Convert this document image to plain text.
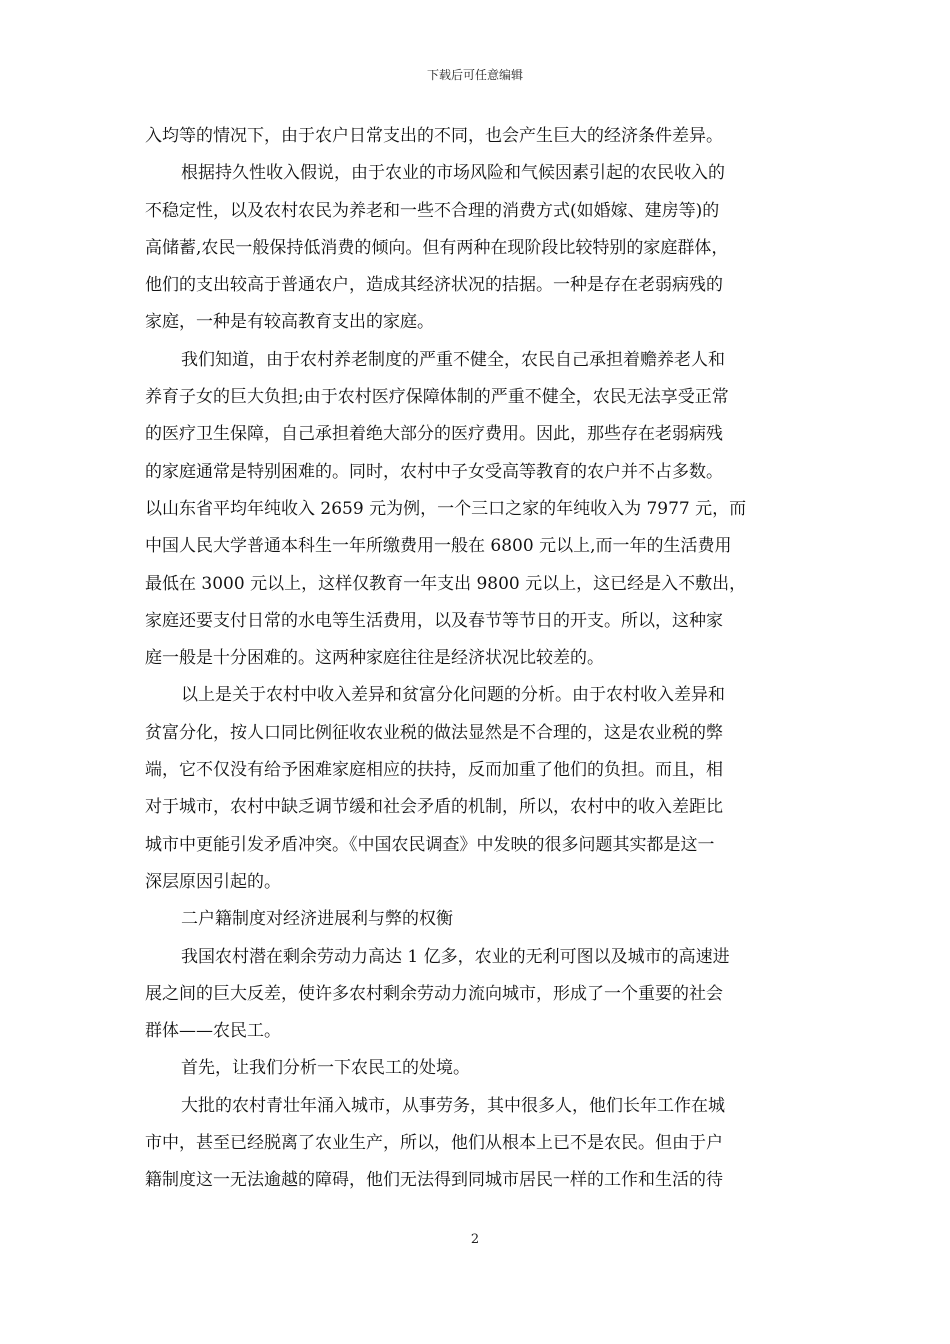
下载后可任意编辑
入均等的情况下，由于农户日常支出的不同，也会产生巨大的经济条件差异。
根据持久性收入假说，由于农业的市场风险和气候因素引起的农民收入的
不稳定性，以及农村农民为养老和一些不合理的消费方式(如婚嫁、建房等)的
高储蓄,农民一般保持低消费的倾向。但有两种在现阶段比较特别的家庭群体，
他们的支出较高于普通农户，造成其经济状况的拮据。一种是存在老弱病残的
家庭，一种是有较高教育支出的家庭。
我们知道，由于农村养老制度的严重不健全，农民自己承担着赡养老人和
养育子女的巨大负担;由于农村医疗保障体制的严重不健全，农民无法享受正常
的医疗卫生保障，自己承担着绝大部分的医疗费用。因此，那些存在老弱病残
的家庭通常是特别困难的。同时，农村中子女受高等教育的农户并不占多数。
以山东省平均年纯收入 2659 元为例，一个三口之家的年纯收入为 7977 元，而
中国人民大学普通本科生一年所缴费用一般在 6800 元以上,而一年的生活费用
最低在 3000 元以上，这样仅教育一年支出 9800 元以上，这已经是入不敷出，
家庭还要支付日常的水电等生活费用，以及春节等节日的开支。所以，这种家
庭一般是十分困难的。这两种家庭往往是经济状况比较差的。
以上是关于农村中收入差异和贫富分化问题的分析。由于农村收入差异和
贫富分化，按人口同比例征收农业税的做法显然是不合理的，这是农业税的弊
端，它不仅没有给予困难家庭相应的扶持，反而加重了他们的负担。而且，相
对于城市，农村中缺乏调节缓和社会矛盾的机制，所以，农村中的收入差距比
城市中更能引发矛盾冲突。《中国农民调查》中发映的很多问题其实都是这一
深层原因引起的。
二户籍制度对经济进展利与弊的权衡
我国农村潜在剩余劳动力高达 1 亿多，农业的无利可图以及城市的高速进
展之间的巨大反差，使许多农村剩余劳动力流向城市，形成了一个重要的社会
群体——农民工。
首先，让我们分析一下农民工的处境。
大批的农村青壮年涌入城市，从事劳务，其中很多人，他们长年工作在城
市中，甚至已经脱离了农业生产，所以，他们从根本上已不是农民。但由于户
籍制度这一无法逾越的障碍，他们无法得到同城市居民一样的工作和生活的待
2
